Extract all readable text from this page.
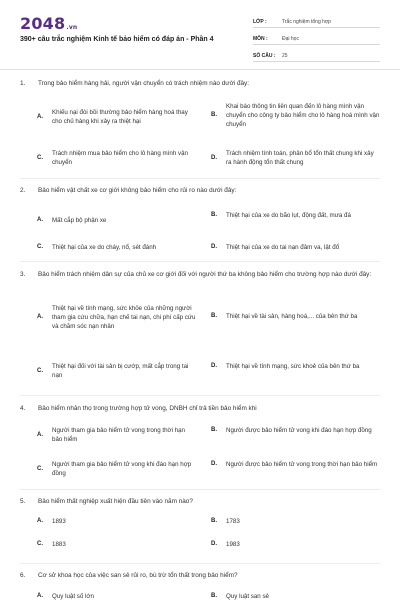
2048.vn
390+ câu trắc nghiệm Kinh tế bảo hiểm có đáp án - Phần 4
LỚP :	Trắc nghiệm tổng hợp
MÔN :	Đại học
SỐ CÂU :	25
1.	Trong bảo hiểm hàng hải, người vận chuyển có trách nhiệm nào dưới đây:
A.
Khiếu nại đòi bồi thường bảo hiểm hàng hoá thay cho chủ hàng khi xảy ra thiệt hại
B.
Khai báo thông tin liên quan đến lô hàng mình vận chuyển cho công ty bảo hiểm cho lô hàng hoá mình vận chuyển
C.
Trách nhiệm mua bảo hiểm cho lô hàng mình vận chuyển
D.
Trách nhiệm tính toán, phân bổ tổn thất chung khi xảy ra hành động tổn thất chung
2.	Bảo hiểm vật chất xe cơ giới không bảo hiểm cho rủi ro nào dưới đây:
A.	Mất cắp bộ phận xe
B.	Thiệt hại của xe do bão lụt, động đất, mưa đá
C.	Thiệt hại của xe do cháy, nổ, sét đánh	D.	Thiệt hại của xe do tai nạn đâm va, lật đổ
3.	Bảo hiểm trách nhiệm dân sự của chủ xe cơ giới đối với người thứ ba không bảo hiểm cho trường hợp nào dưới đây:
A.
Thiệt hại về tính mạng, sức khỏe của những người tham gia cứu chữa, hạn chế tai nạn, chi phí cấp cứu và chăm sóc nạn nhân
B.	Thiệt hại về tài sản, hàng hoá,... của bên thứ ba
C.
Thiệt hại đối với tài sản bị cướp, mất cắp trong tai nạn
D.	Thiệt hại về tính mạng, sức khoẻ của bên thứ ba
4.	Bảo hiểm nhân thọ trong trường hợp tử vong, DNBH chỉ trả tiền bảo hiểm khi
A.
Người tham gia bảo hiểm tử vong trong thời hạn bảo hiểm
B.	Người được bảo hiểm tử vong khi đáo hạn hợp đồng
C.
Người tham gia bảo hiểm tử vong khi đáo hạn hợp đồng
D.	Người được bảo hiểm tử vong trong thời hạn bảo hiểm
5.	Bảo hiểm thất nghiệp xuất hiện đầu tiên vào năm nào?
A.	1893	B.	1783
C.	1883	D.	1983
6.	Cơ sở khoa học của việc san sẻ rủi ro, bù trừ tổn thất trong bảo hiểm?
A.	Quy luật số lớn	B.	Quy luật san sẻ
